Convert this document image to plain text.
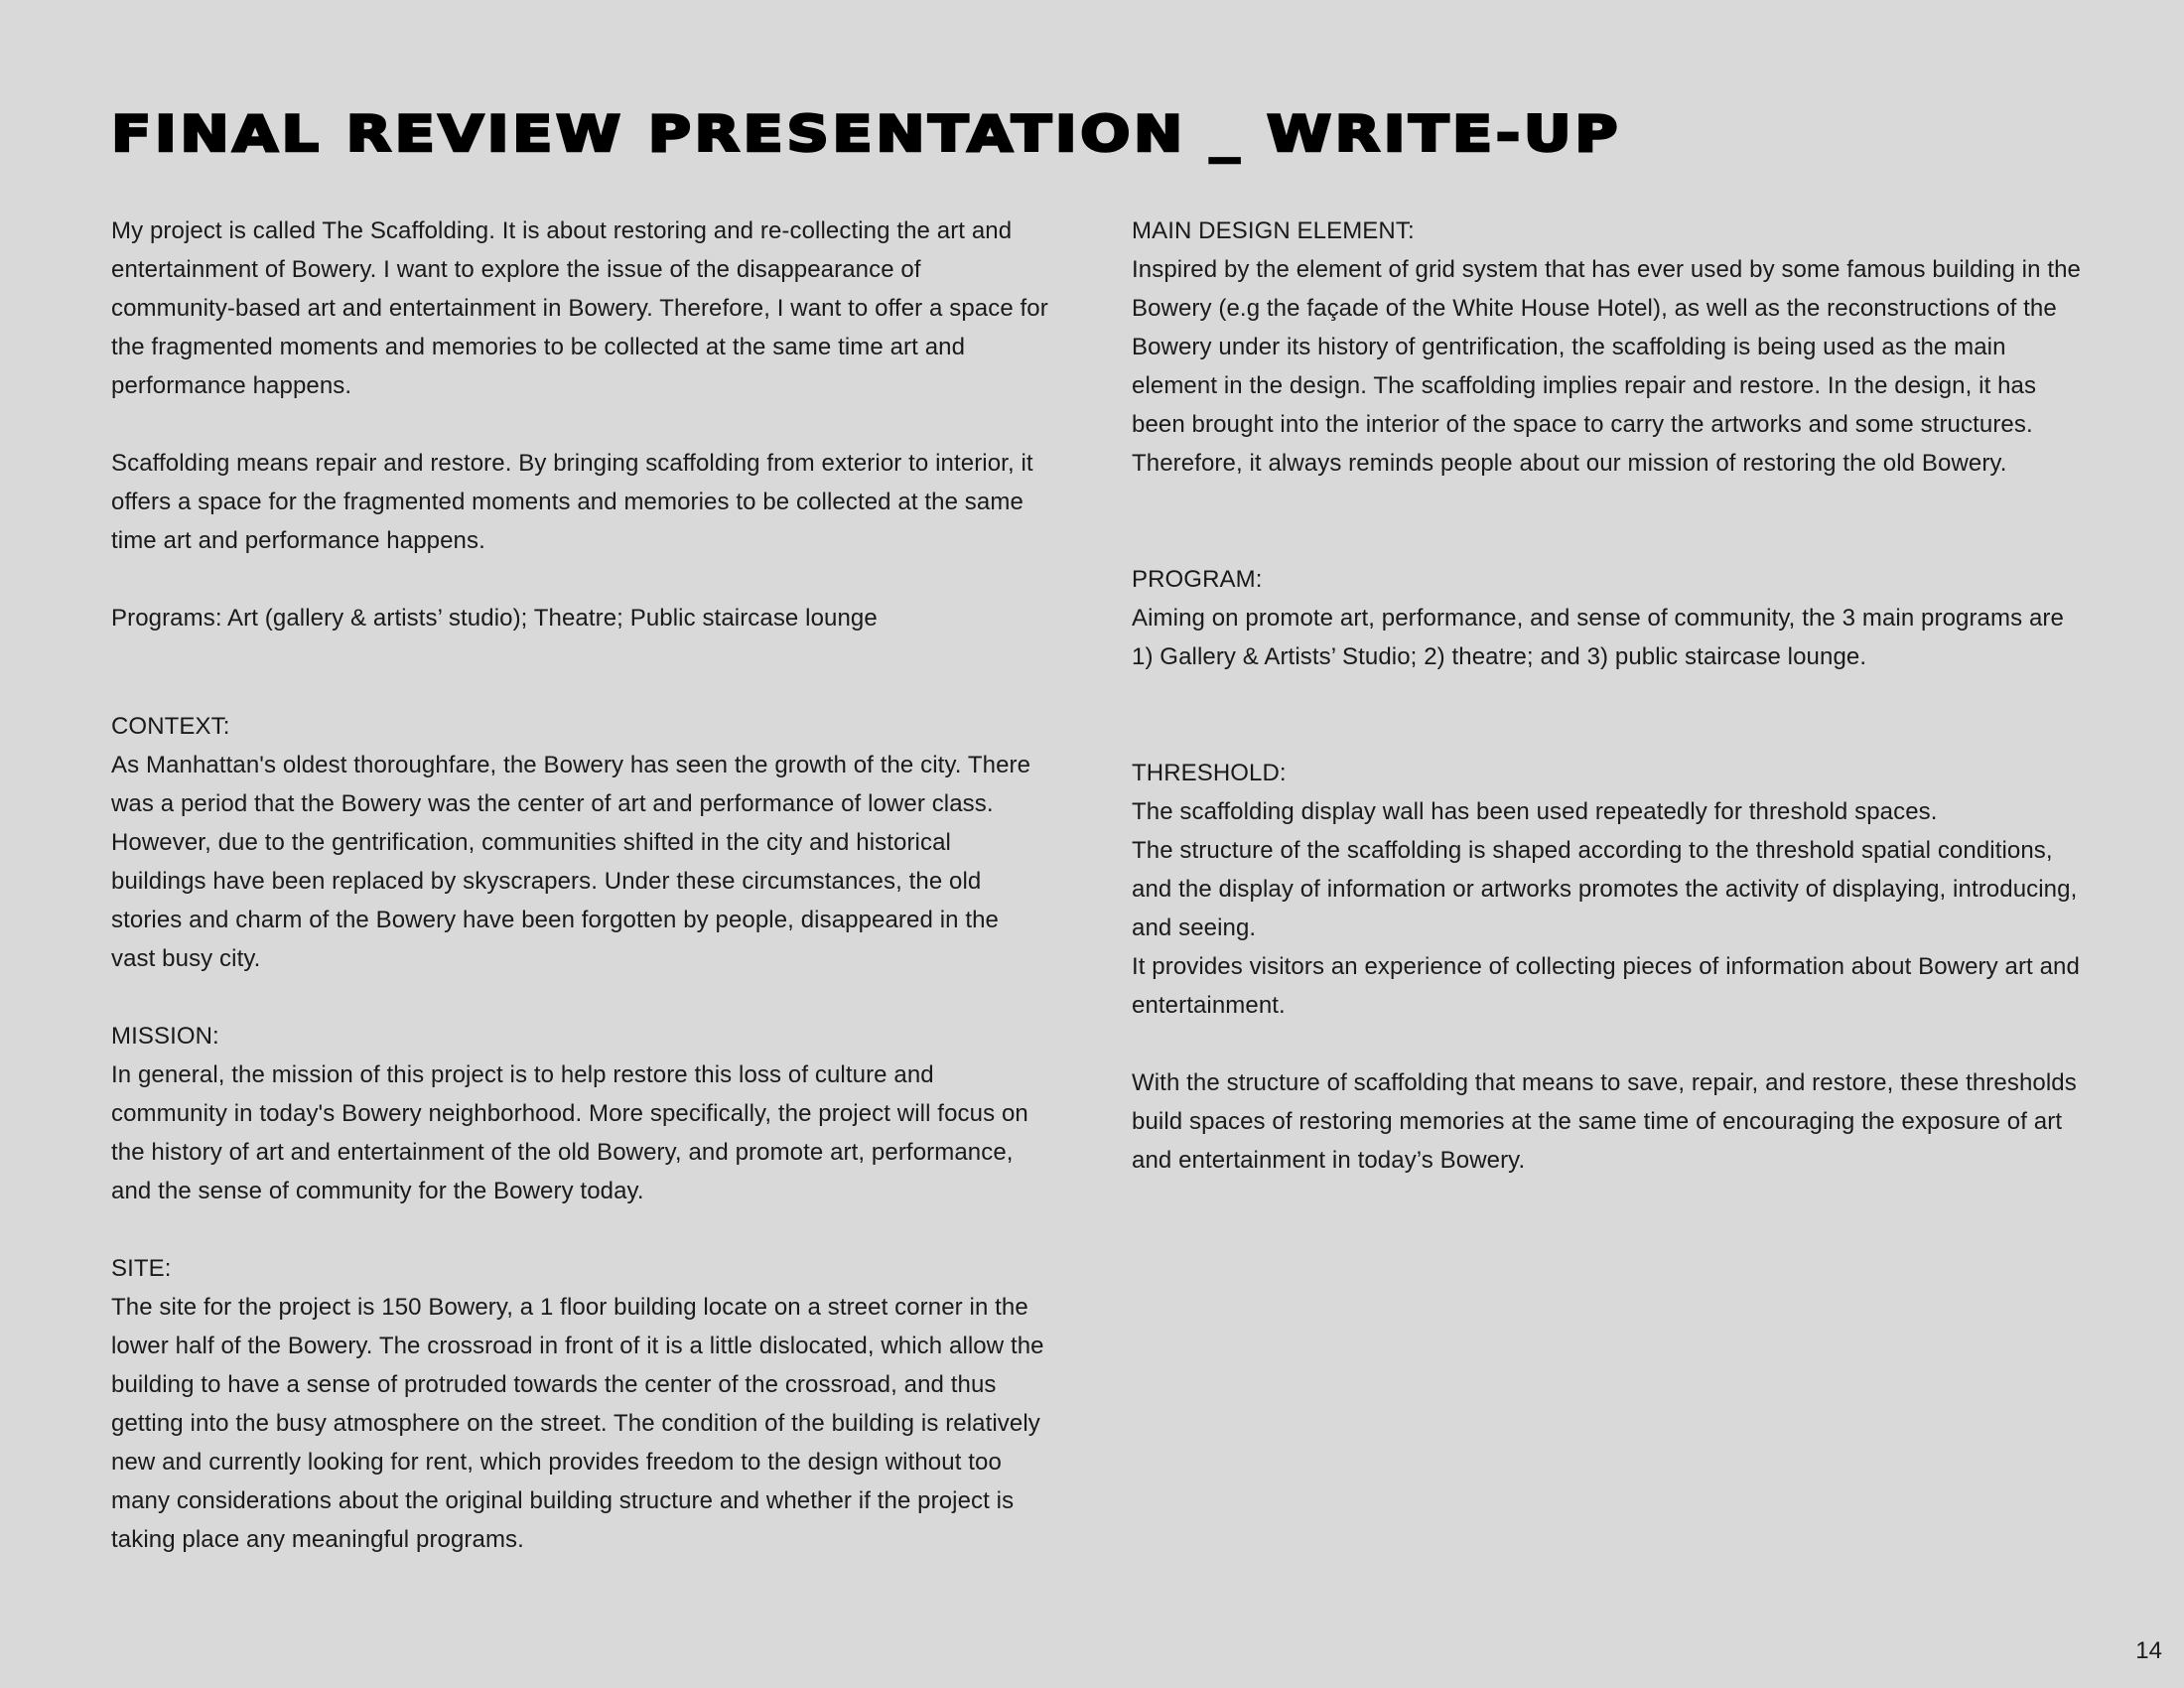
FINAL REVIEW PRESENTATION _ WRITE-UP

My project is called The Scaffolding. It is about restoring and re-collecting the art and entertainment of Bowery. I want to explore the issue of the disappearance of community-based art and entertainment in Bowery. Therefore, I want to offer a space for the fragmented moments and memories to be collected at the same time art and performance happens.

Scaffolding means repair and restore. By bringing scaffolding from exterior to interior, it offers a space for the fragmented moments and memories to be collected at the same time art and performance happens.

Programs: Art (gallery & artists’ studio); Theatre; Public staircase lounge

CONTEXT:

As Manhattan's oldest thoroughfare, the Bowery has seen the growth of the city. There was a period that the Bowery was the center of art and performance of lower class. However, due to the gentrification, communities shifted in the city and historical buildings have been replaced by skyscrapers. Under these circumstances, the old stories and charm of the Bowery have been forgotten by people, disappeared in the vast busy city.

MISSION:

In general, the mission of this project is to help restore this loss of culture and community in today's Bowery neighborhood. More specifically, the project will focus on the history of art and entertainment of the old Bowery, and promote art, performance, and the sense of community for the Bowery today.

SITE:

The site for the project is 150 Bowery, a 1 floor building locate on a street corner in the lower half of the Bowery. The crossroad in front of it is a little dislocated, which allow the building to have a sense of protruded towards the center of the crossroad, and thus getting into the busy atmosphere on the street. The condition of the building is relatively new and currently looking for rent, which provides freedom to the design without too many considerations about the original building structure and whether if the project is taking place any meaningful programs.

MAIN DESIGN ELEMENT:

Inspired by the element of grid system that has ever used by some famous building in the Bowery (e.g the façade of the White House Hotel), as well as the reconstructions of the Bowery under its history of gentrification, the scaffolding is being used as the main element in the design. The scaffolding implies repair and restore. In the design, it has been brought into the interior of the space to carry the artworks and some structures. Therefore, it always reminds people about our mission of restoring the old Bowery.

PROGRAM:

Aiming on promote art, performance, and sense of community, the 3 main programs are 1) Gallery & Artists’ Studio; 2) theatre; and 3) public staircase lounge.

THRESHOLD:

The scaffolding display wall has been used repeatedly for threshold spaces.

The structure of the scaffolding is shaped according to the threshold spatial conditions, and the display of information or artworks promotes the activity of displaying, introducing, and seeing.

It provides visitors an experience of collecting pieces of information about Bowery art and entertainment.

With the structure of scaffolding that means to save, repair, and restore, these thresholds build spaces of restoring memories at the same time of encouraging the exposure of art and entertainment in today’s Bowery.

14
